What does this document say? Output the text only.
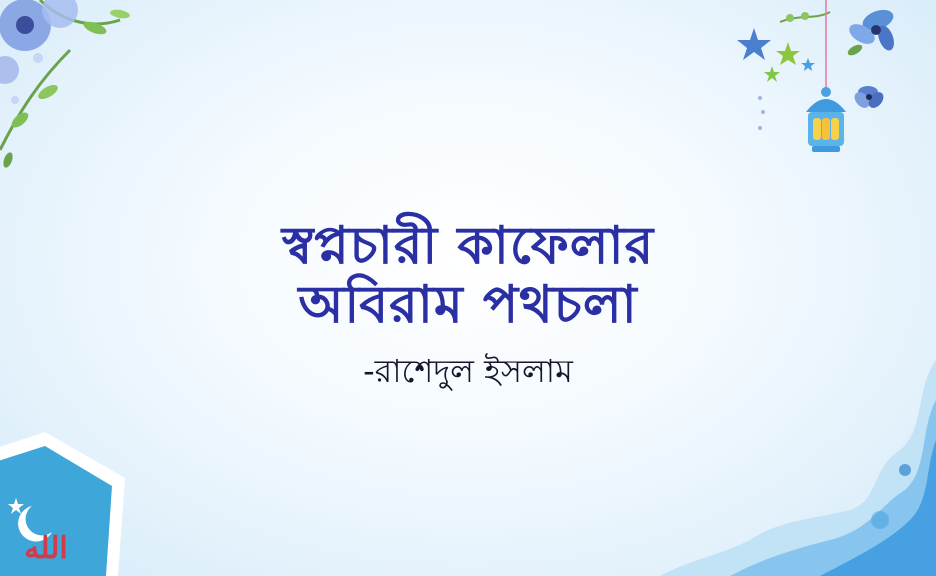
الله
স্বপ্নচারী কাফেলার
অবিরাম পথচলা
-রাশেদুল ইসলাম
